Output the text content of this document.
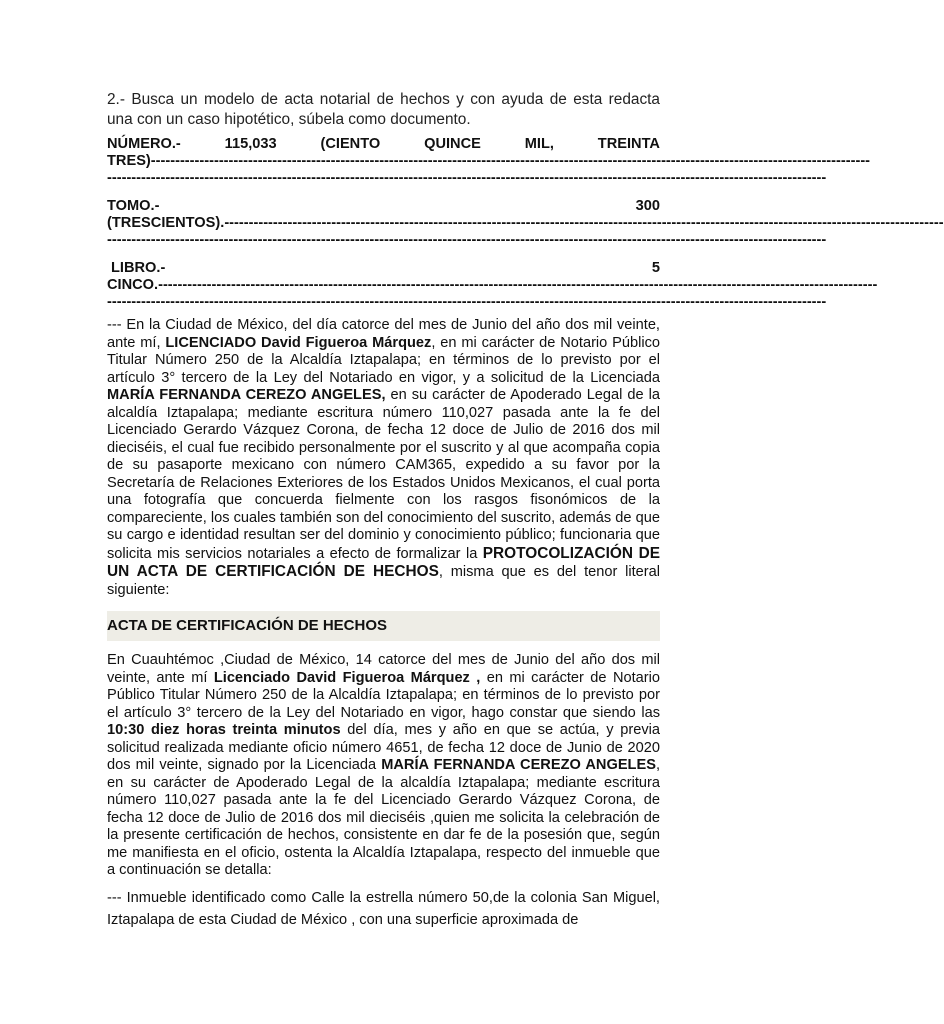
2.- Busca un modelo de acta notarial de hechos y con ayuda de esta redacta una con un caso hipotético, súbela como documento.

NÚMERO.-	115,033	(CIENTO	QUINCE	MIL,	TREINTA
TRES)----------------------------------------------------------------------------------------------------------------------------------------------------
----------------------------------------------------------------------------------------------------------------------------------------------------
TOMO.-	300
(TRESCIENTOS).----------------------------------------------------------------------------------------------------------------------------------------------------
----------------------------------------------------------------------------------------------------------------------------------------------------
LIBRO.-	5
CINCO.----------------------------------------------------------------------------------------------------------------------------------------------------
----------------------------------------------------------------------------------------------------------------------------------------------------

--- En la Ciudad de México, del día catorce del mes de Junio del año dos mil veinte, ante mí, LICENCIADO David Figueroa Márquez, en mi carácter de Notario Público Titular Número 250 de la Alcaldía Iztapalapa; en términos de lo previsto por el artículo 3° tercero de la Ley del Notariado en vigor, y a solicitud de la Licenciada MARÍA FERNANDA CEREZO ANGELES, en su carácter de Apoderado Legal de la alcaldía Iztapalapa; mediante escritura número 110,027 pasada ante la fe del Licenciado Gerardo Vázquez Corona, de fecha 12 doce de Julio de 2016 dos mil dieciséis, el cual fue recibido personalmente por el suscrito y al que acompaña copia de su pasaporte mexicano con número CAM365, expedido a su favor por la Secretaría de Relaciones Exteriores de los Estados Unidos Mexicanos, el cual porta una fotografía que concuerda fielmente con los rasgos fisonómicos de la compareciente, los cuales también son del conocimiento del suscrito, además de que su cargo e identidad resultan ser del dominio y conocimiento público; funcionaria que solicita mis servicios notariales a efecto de formalizar la PROTOCOLIZACIÓN DE UN ACTA DE CERTIFICACIÓN DE HECHOS, misma que es del tenor literal siguiente:

ACTA DE CERTIFICACIÓN DE HECHOS

En Cuauhtémoc ,Ciudad de México, 14 catorce del mes de Junio del año dos mil veinte, ante mí Licenciado David Figueroa Márquez , en mi carácter de Notario Público Titular Número 250 de la Alcaldía Iztapalapa; en términos de lo previsto por el artículo 3° tercero de la Ley del Notariado en vigor, hago constar que siendo las 10:30 diez horas treinta minutos del día, mes y año en que se actúa, y previa solicitud realizada mediante oficio número 4651, de fecha 12 doce de Junio de 2020 dos mil veinte, signado por la Licenciada MARÍA FERNANDA CEREZO ANGELES, en su carácter de Apoderado Legal de la alcaldía Iztapalapa; mediante escritura número 110,027 pasada ante la fe del Licenciado Gerardo Vázquez Corona, de fecha 12 doce de Julio de 2016 dos mil dieciséis ,quien me solicita la celebración de la presente certificación de hechos, consistente en dar fe de la posesión que, según me manifiesta en el oficio, ostenta la Alcaldía Iztapalapa, respecto del inmueble que a continuación se detalla:

--- Inmueble identificado como Calle la estrella número 50,de la colonia San Miguel, Iztapalapa de esta Ciudad de México , con una superficie aproximada de
